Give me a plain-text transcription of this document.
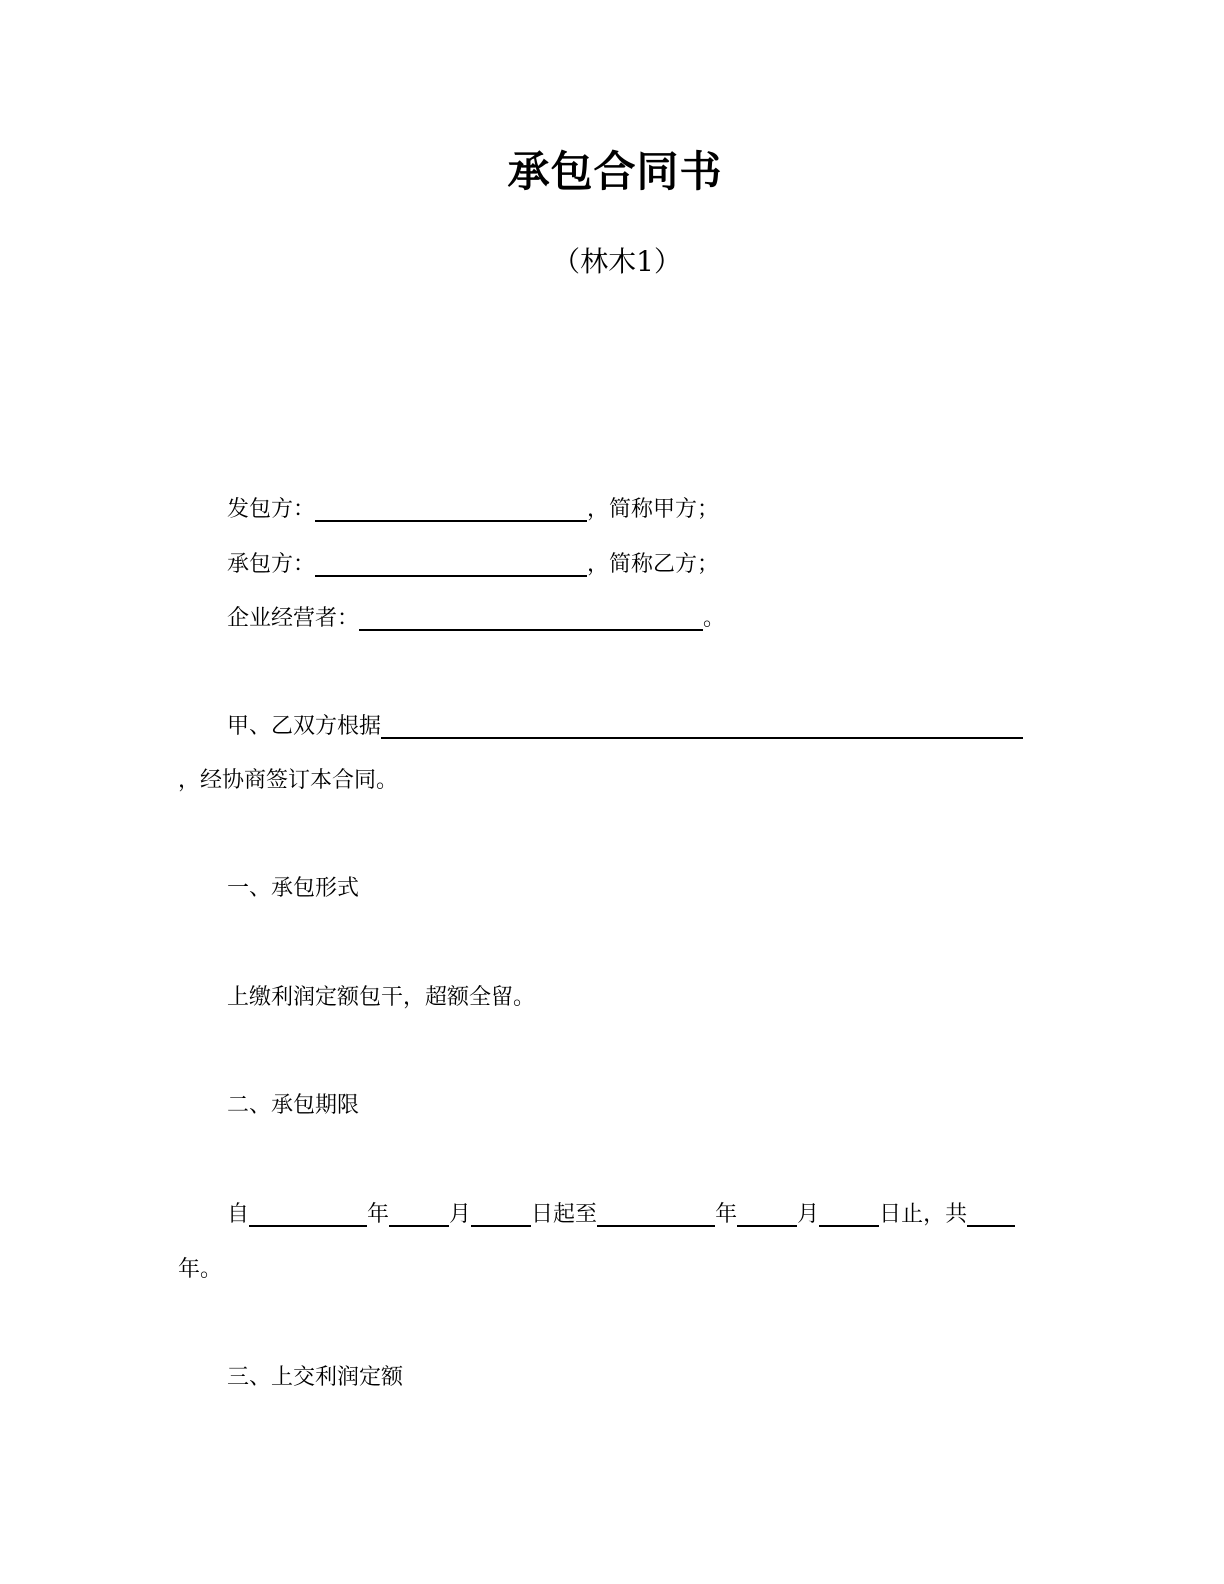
承包合同书
（林木1）
发包方：	，简称甲方；
承包方：	，简称乙方；
企业经营者：	。
甲、乙双方根据
，经协商签订本合同。
一、承包形式
上缴利润定额包干，超额全留。
二、承包期限
自	年	月	日起至	年	月	日止，共
年。
三、上交利润定额
